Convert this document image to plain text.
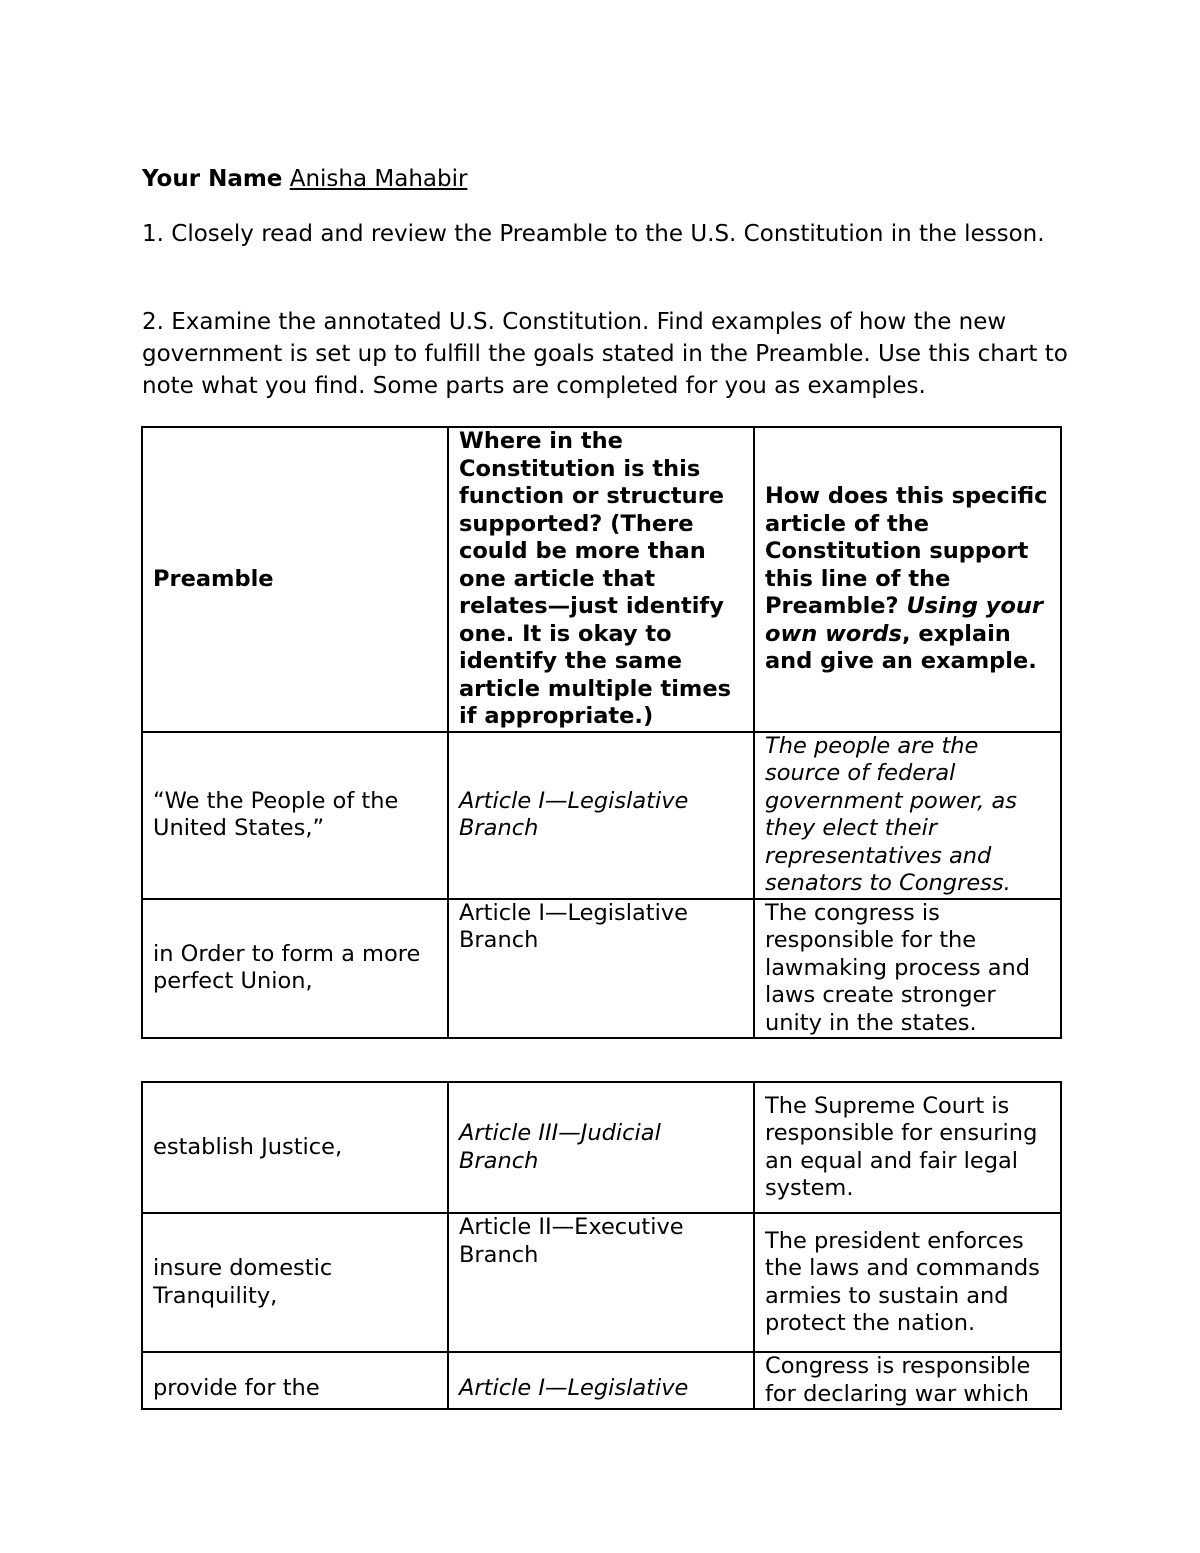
Your Name Anisha Mahabir

1. Closely read and review the Preamble to the U.S. Constitution in the lesson.

2. Examine the annotated U.S. Constitution. Find examples of how the new government is set up to fulfill the goals stated in the Preamble. Use this chart to note what you find. Some parts are completed for you as examples.

Preamble	Where in the Constitution is this function or structure supported? (There could be more than one article that relates—just identify one. It is okay to identify the same article multiple times if appropriate.)	How does this specific article of the Constitution support this line of the Preamble? Using your own words, explain and give an example.
“We the People of the United States,”	Article I—Legislative Branch	The people are the source of federal government power, as they elect their representatives and senators to Congress.
in Order to form a more perfect Union,	Article I—Legislative Branch	The congress is responsible for the lawmaking process and laws create stronger unity in the states.
establish Justice,	Article III—Judicial Branch	The Supreme Court is responsible for ensuring an equal and fair legal system.
insure domestic Tranquility,	Article II—Executive Branch	The president enforces the laws and commands armies to sustain and protect the nation.
provide for the	Article I—Legislative	Congress is responsible for declaring war which
